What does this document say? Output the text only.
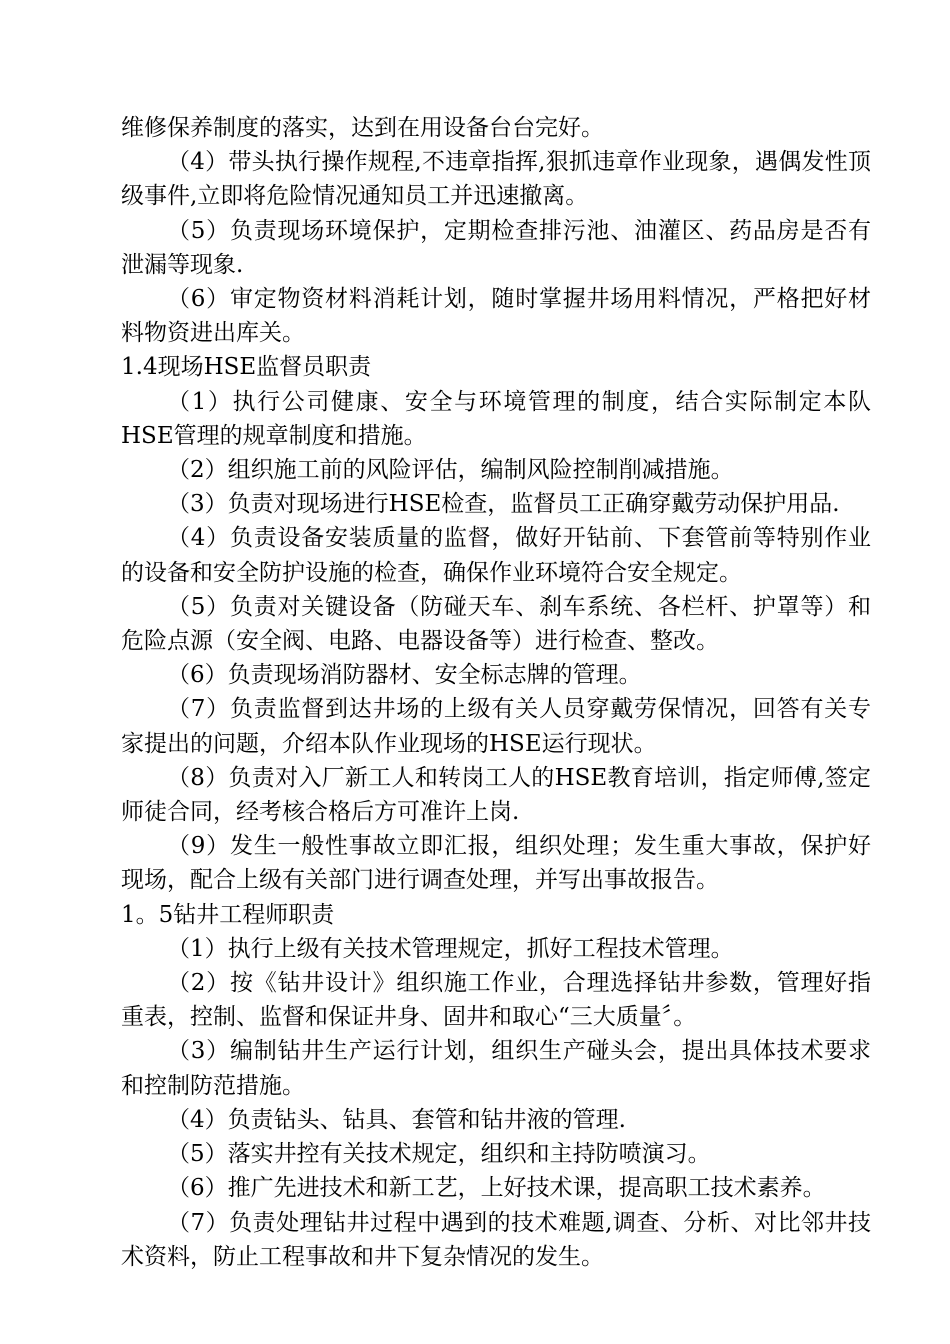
维修保养制度的落实，达到在用设备台台完好。

（4）带头执行操作规程,不违章指挥,狠抓违章作业现象，遇偶发性顶级事件,立即将危险情况通知员工并迅速撤离。

（5）负责现场环境保护，定期检查排污池、油灌区、药品房是否有泄漏等现象.

（6）审定物资材料消耗计划，随时掌握井场用料情况，严格把好材料物资进出库关。

1.4现场HSE监督员职责

（1）执行公司健康、安全与环境管理的制度，结合实际制定本队HSE管理的规章制度和措施。

（2）组织施工前的风险评估，编制风险控制削减措施。

（3）负责对现场进行HSE检查，监督员工正确穿戴劳动保护用品.

（4）负责设备安装质量的监督，做好开钻前、下套管前等特别作业的设备和安全防护设施的检查，确保作业环境符合安全规定。

（5）负责对关键设备（防碰天车、刹车系统、各栏杆、护罩等）和危险点源（安全阀、电路、电器设备等）进行检查、整改。

（6）负责现场消防器材、安全标志牌的管理。

（7）负责监督到达井场的上级有关人员穿戴劳保情况，回答有关专家提出的问题，介绍本队作业现场的HSE运行现状。

（8）负责对入厂新工人和转岗工人的HSE教育培训，指定师傅,签定师徒合同，经考核合格后方可准许上岗.

（9）发生一般性事故立即汇报，组织处理；发生重大事故，保护好现场，配合上级有关部门进行调查处理，并写出事故报告。

1。5钻井工程师职责

（1）执行上级有关技术管理规定，抓好工程技术管理。

（2）按《钻井设计》组织施工作业，合理选择钻井参数，管理好指重表，控制、监督和保证井身、固井和取心“三大质量〞。

（3）编制钻井生产运行计划，组织生产碰头会，提出具体技术要求和控制防范措施。

（4）负责钻头、钻具、套管和钻井液的管理.

（5）落实井控有关技术规定，组织和主持防喷演习。

（6）推广先进技术和新工艺，上好技术课，提高职工技术素养。

（7）负责处理钻井过程中遇到的技术难题,调查、分析、对比邻井技术资料，防止工程事故和井下复杂情况的发生。
